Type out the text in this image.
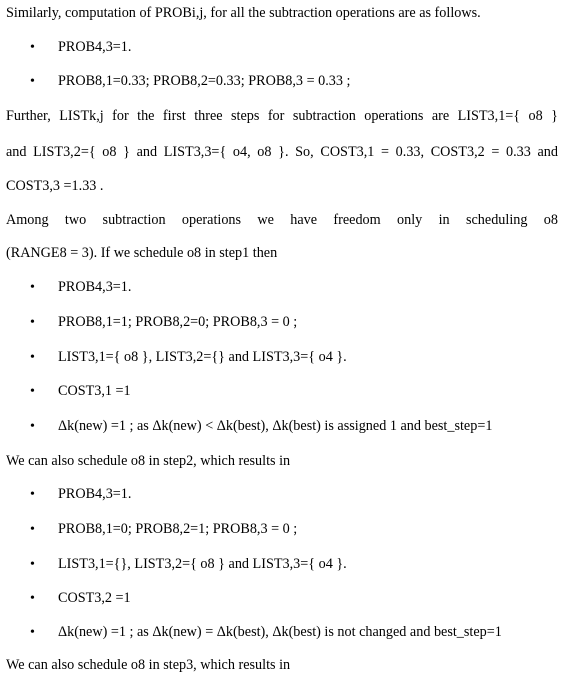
Similarly, computation of PROBi,j, for all the subtraction operations are as follows.
• PROB4,3=1.
• PROB8,1=0.33; PROB8,2=0.33; PROB8,3 = 0.33 ;
Further, LISTk,j for the first three steps for subtraction operations are LIST3,1={ o8 }
and LIST3,2={ o8 } and LIST3,3={ o4, o8 }. So, COST3,1 = 0.33, COST3,2 = 0.33 and
COST3,3 =1.33 .
Among two subtraction operations we have freedom only in scheduling o8
(RANGE8 = 3). If we schedule o8 in step1 then
• PROB4,3=1.
• PROB8,1=1; PROB8,2=0; PROB8,3 = 0 ;
• LIST3,1={ o8 }, LIST3,2={} and LIST3,3={ o4 }.
• COST3,1 =1
• Δk(new) =1 ; as Δk(new) < Δk(best), Δk(best) is assigned 1 and best_step=1
We can also schedule o8 in step2, which results in
• PROB4,3=1.
• PROB8,1=0; PROB8,2=1; PROB8,3 = 0 ;
• LIST3,1={}, LIST3,2={ o8 } and LIST3,3={ o4 }.
• COST3,2 =1
• Δk(new) =1 ; as Δk(new) = Δk(best), Δk(best) is not changed and best_step=1
We can also schedule o8 in step3, which results in
